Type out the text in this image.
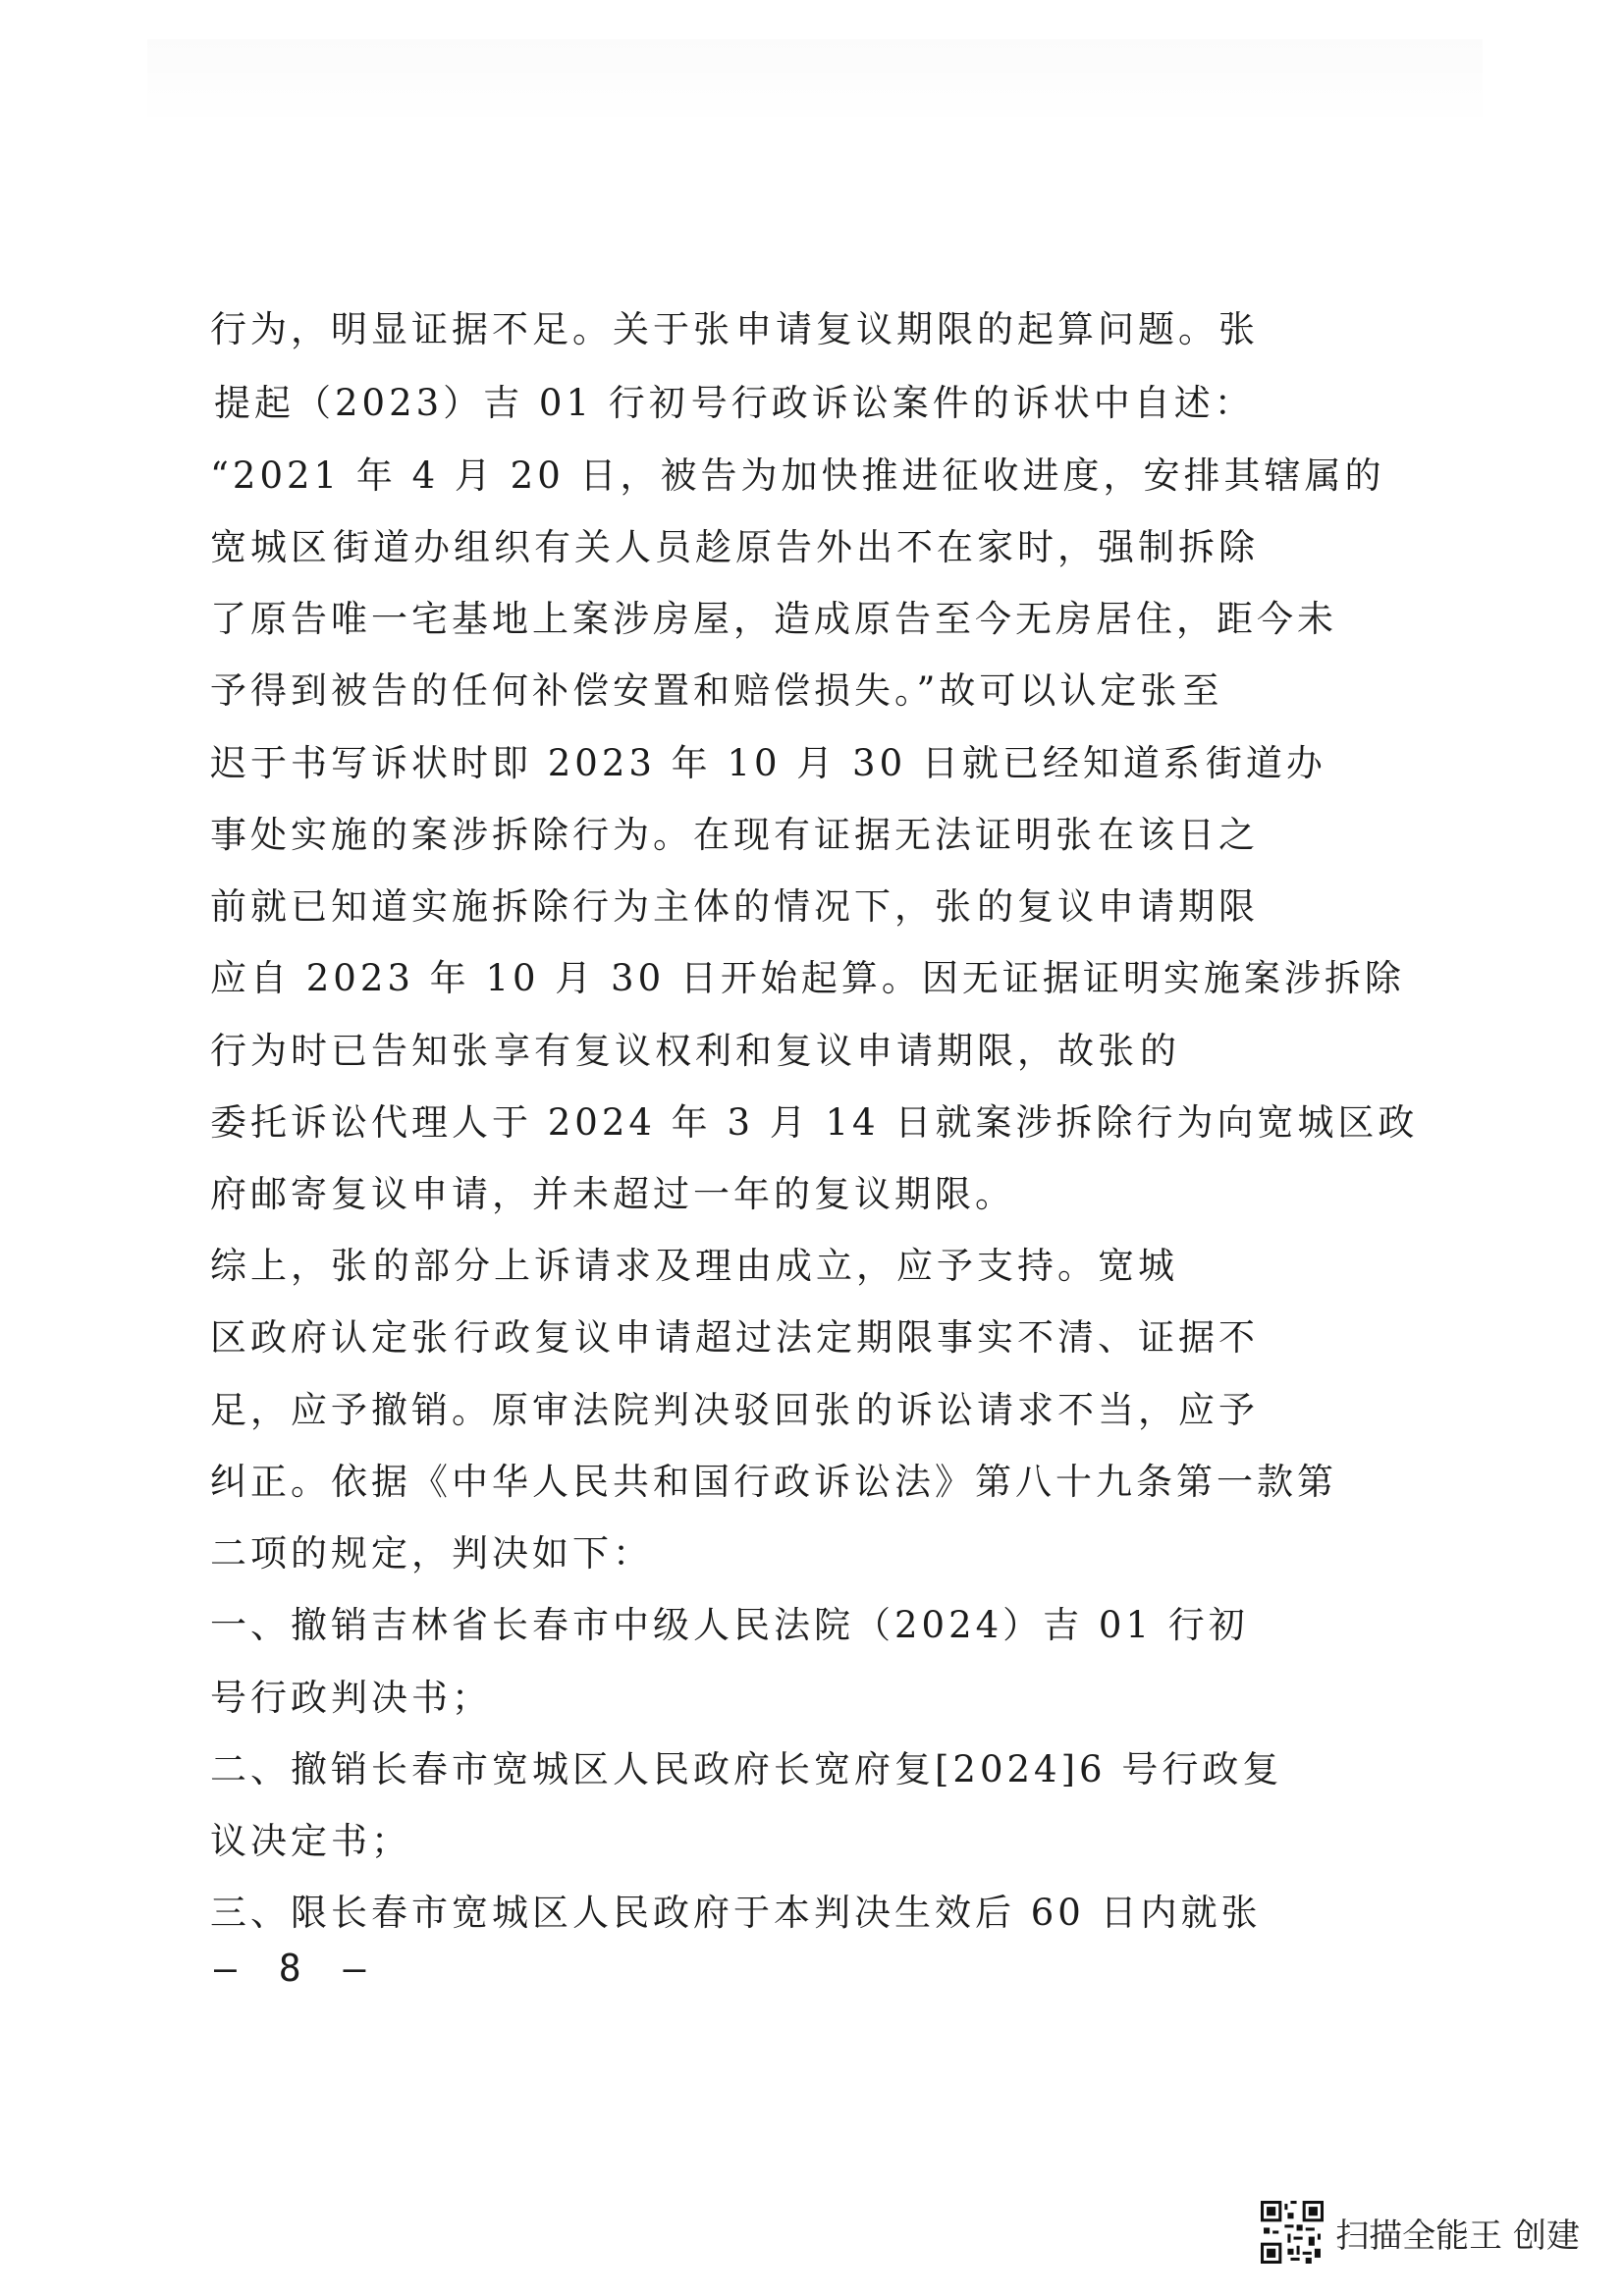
行为，明显证据不足。关于张申请复议期限的起算问题。张
提起（2023）吉 01 行初号行政诉讼案件的诉状中自述：
“2021 年 4 月 20 日，被告为加快推进征收进度，安排其辖属的
宽城区街道办组织有关人员趁原告外出不在家时，强制拆除
了原告唯一宅基地上案涉房屋，造成原告至今无房居住，距今未
予得到被告的任何补偿安置和赔偿损失。”故可以认定张至
迟于书写诉状时即 2023 年 10 月 30 日就已经知道系街道办
事处实施的案涉拆除行为。在现有证据无法证明张在该日之
前就已知道实施拆除行为主体的情况下，张的复议申请期限
应自 2023 年 10 月 30 日开始起算。因无证据证明实施案涉拆除
行为时已告知张享有复议权利和复议申请期限，故张的
委托诉讼代理人于 2024 年 3 月 14 日就案涉拆除行为向宽城区政
府邮寄复议申请，并未超过一年的复议期限。
综上，张的部分上诉请求及理由成立，应予支持。宽城
区政府认定张行政复议申请超过法定期限事实不清、证据不
足，应予撤销。原审法院判决驳回张的诉讼请求不当，应予
纠正。依据《中华人民共和国行政诉讼法》第八十九条第一款第
二项的规定，判决如下：
一、撤销吉林省长春市中级人民法院（2024）吉 01 行初
号行政判决书；
二、撤销长春市宽城区人民政府长宽府复[2024]6 号行政复
议决定书；
三、限长春市宽城区人民政府于本判决生效后 60 日内就张
– 8 –
扫描全能王 创建
